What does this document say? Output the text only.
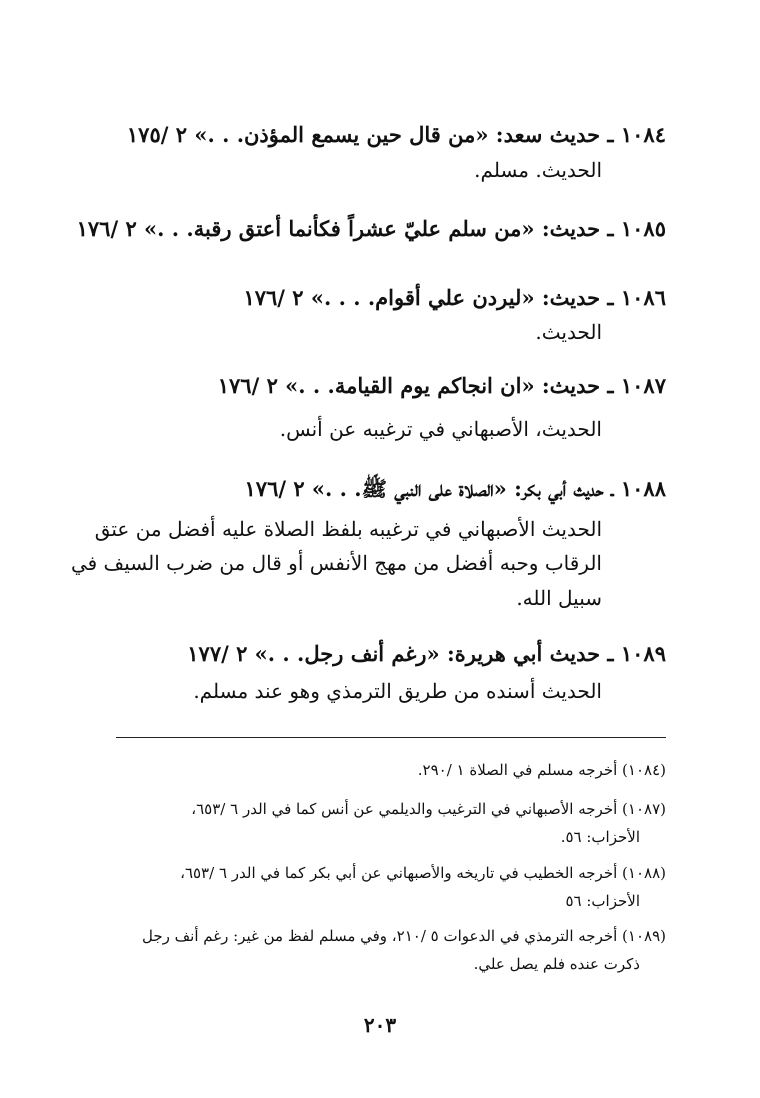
١٠٨٤ ـ حديث سعد: «من قال حين يسمع المؤذن. . .» ٢ /١٧٥
الحديث. مسلم.
١٠٨٥ ـ حديث: «من سلم عليّ عشراً فكأنما أعتق رقبة. . .» ٢ /١٧٦
١٠٨٦ ـ حديث: «ليردن علي أقوام. . . .» ٢ /١٧٦
الحديث.
١٠٨٧ ـ حديث: «ان انجاكم يوم القيامة. . .» ٢ /١٧٦
الحديث، الأصبهاني في ترغيبه عن أنس.
١٠٨٨ ـ حديث أبي بكر: «الصلاة على النبي ﷺ. . .» ٢ /١٧٦
الحديث الأصبهاني في ترغيبه بلفظ الصلاة عليه أفضل من عتق
الرقاب وحبه أفضل من مهج الأنفس أو قال من ضرب السيف في
سبيل الله.
١٠٨٩ ـ حديث أبي هريرة: «رغم أنف رجل. . .» ٢ /١٧٧
الحديث أسنده من طريق الترمذي وهو عند مسلم.
(١٠٨٤) أخرجه مسلم في الصلاة ١ /٢٩٠.
(١٠٨٧) أخرجه الأصبهاني في الترغيب والديلمي عن أنس كما في الدر ٦ /٦٥٣،
الأحزاب: ٥٦.
(١٠٨٨) أخرجه الخطيب في تاريخه والأصبهاني عن أبي بكر كما في الدر ٦ /٦٥٣،
الأحزاب: ٥٦
(١٠٨٩) أخرجه الترمذي في الدعوات ٥ /٢١٠، وفي مسلم لفظ من غير: رغم أنف رجل
ذكرت عنده فلم يصل علي.
٢٠٣
